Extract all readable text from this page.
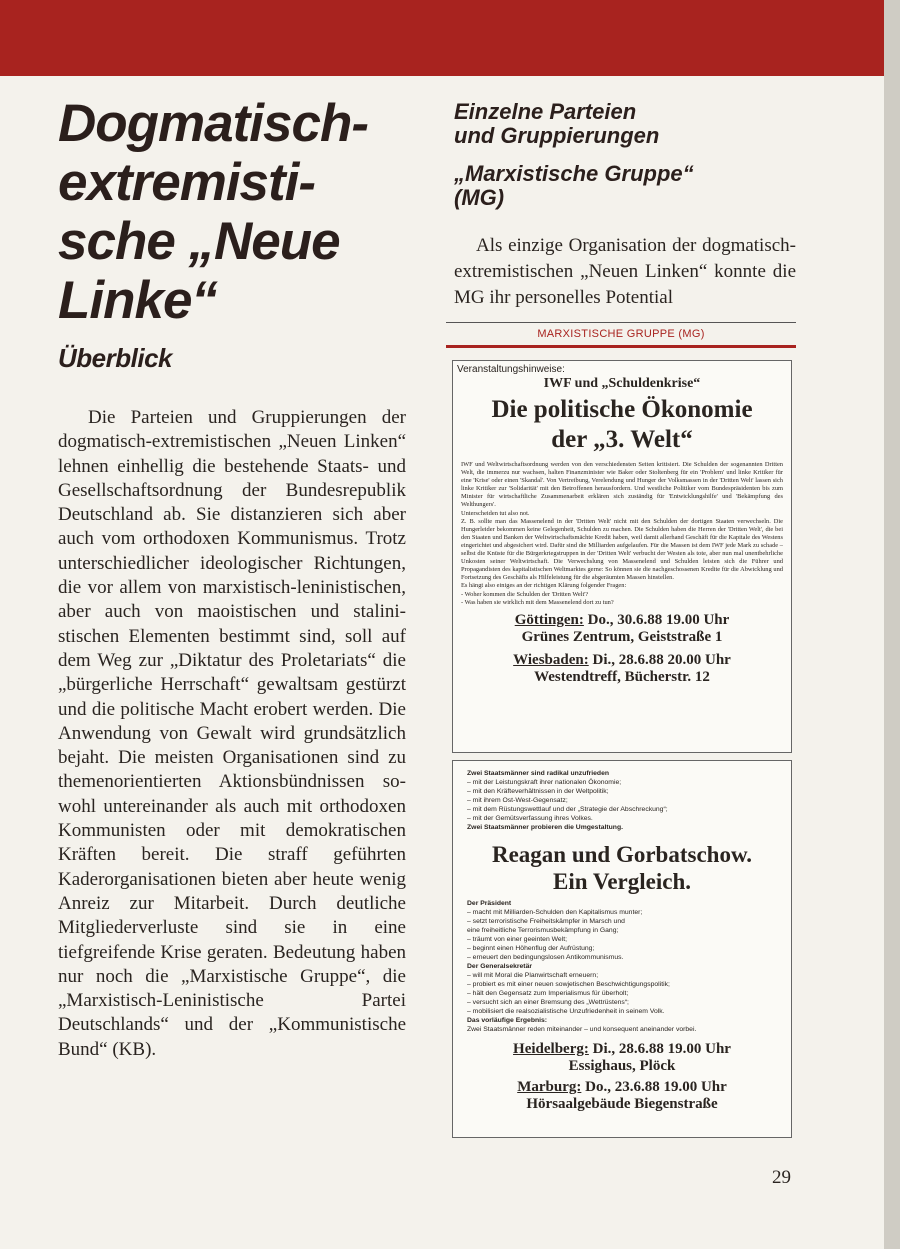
Dogmatisch-
extremisti-
sche „Neue
Linke“
Überblick

Die Parteien und Gruppierungen der dogmatisch-extremistischen „Neuen Linken“ lehnen einhellig die bestehende Staats- und Gesellschaftsordnung der Bundesrepublik Deutschland ab. Sie distanzieren sich aber auch vom orthodoxen Kommunismus. Trotz unterschiedlicher ideologischer Richtungen, die vor allem von marxistisch-leninistischen, aber auch von maoistischen und stalinistischen Elementen bestimmt sind, soll auf dem Weg zur „Diktatur des Proletariats“ die „bürgerliche Herrschaft“ gewaltsam gestürzt und die politische Macht erobert werden. Die Anwendung von Gewalt wird grundsätzlich bejaht. Die meisten Organisationen sind zu themenorientierten Aktionsbündnissen sowohl untereinander als auch mit orthodoxen Kommunisten oder mit demokratischen Kräften bereit. Die straff geführten Kaderorganisationen bieten aber heute wenig Anreiz zur Mitarbeit. Durch deutliche Mitgliederverluste sind sie in eine tiefgreifende Krise geraten. Bedeutung haben nur noch die „Marxistische Gruppe“, die „Marxistisch-Leninistische Partei Deutschlands“ und der „Kommunistische Bund“ (KB).

Einzelne Parteien
und Gruppierungen
„Marxistische Gruppe“
(MG)

Als einzige Organisation der dogmatisch-extremistischen „Neuen Linken“ konnte die MG ihr personelles Potential

MARXISTISCHE GRUPPE (MG)

Veranstaltungshinweise:

IWF und „Schuldenkrise“

Die politische Ökonomie

der „3. Welt“

IWF und Weltwirtschaftsordnung werden von den verschiedensten Seiten kritisiert. Die Schulden der sogenannten Dritten Welt, die immerzu nur wachsen, halten Finanzminister wie Baker oder Stoltenberg für ein 'Problem' und linke Kritiker für eine 'Krise' oder einen 'Skandal'. Von Vertreibung, Verelendung und Hunger der Volksmassen in der 'Dritten Welt' lassen sich linke Kritiker zur 'Solidarität' mit den Betroffenen herausfordern. Und westliche Politiker vom Bundespräsidenten bis zum Minister für wirtschaftliche Zusammenarbeit erklären sich zuständig für 'Entwicklungshilfe' und 'Bekämpfung des Welthungers'.

Unterscheiden tut also not.

Z. B. sollte man das Massenelend in der 'Dritten Welt' nicht mit den Schulden der dortigen Staaten verwechseln. Die Hungerleider bekommen keine Gelegenheit, Schulden zu machen. Die Schulden haben die Herren der 'Dritten Welt', die bei den Staaten und Banken der Weltwirtschaftsmächte Kredit haben, weil damit allerhand Geschäft für die Kapitale des Westens eingerichtet und abgesichert wird. Dafür sind die Milliarden aufgelaufen. Für die Massen ist dem IWF jede Mark zu schade – selbst die Knüste für die Bürgerkriegstruppen in der 'Dritten Welt' verbucht der Westen als tote, aber nun mal unentbehrliche Unkosten seiner Weltwirtschaft. Die Verwechslung von Massenelend und Schulden leisten sich die Führer und Propagandisten des kapitalistischen Weltmarktes gerne: So können sie die nachgeschossenen Kredite für die Abwicklung und Fortsetzung des Geschäfts als Hilfeleistung für die abgeräumten Massen hinstellen.

Es hängt also einiges an der richtigen Klärung folgender Fragen:

- Woher kommen die Schulden der 'Dritten Welt'?

- Was haben sie wirklich mit dem Massenelend dort zu tun?

Göttingen: Do., 30.6.88 19.00 Uhr

Grünes Zentrum, Geiststraße 1

Wiesbaden: Di., 28.6.88 20.00 Uhr

Westendtreff, Bücherstr. 12

Zwei Staatsmänner sind radikal unzufrieden

– mit der Leistungskraft ihrer nationalen Ökonomie;

– mit den Kräfteverhältnissen in der Weltpolitik;

– mit ihrem Ost-West-Gegensatz;

– mit dem Rüstungswettlauf und der „Strategie der Abschreckung“;

– mit der Gemütsverfassung ihres Volkes.

Zwei Staatsmänner probieren die Umgestaltung.

Reagan und Gorbatschow.

Ein Vergleich.

Der Präsident

– macht mit Milliarden-Schulden den Kapitalismus munter;

– setzt terroristische Freiheitskämpfer in Marsch und

eine freiheitliche Terrorismusbekämpfung in Gang;

– träumt von einer geeinten Welt;

– beginnt einen Höhenflug der Aufrüstung;

– erneuert den bedingungslosen Antikommunismus.

Der Generalsekretär

– will mit Moral die Planwirtschaft erneuern;

– probiert es mit einer neuen sowjetischen Beschwichtigungspolitik;

– hält den Gegensatz zum Imperialismus für überholt;

– versucht sich an einer Bremsung des „Wettrüstens“;

– mobilisiert die realsozialistische Unzufriedenheit in seinem Volk.

Das vorläufige Ergebnis:

Zwei Staatsmänner reden miteinander – und konsequent aneinander vorbei.

Heidelberg: Di., 28.6.88 19.00 Uhr

Essighaus, Plöck

Marburg: Do., 23.6.88 19.00 Uhr

Hörsaalgebäude Biegenstraße

29
